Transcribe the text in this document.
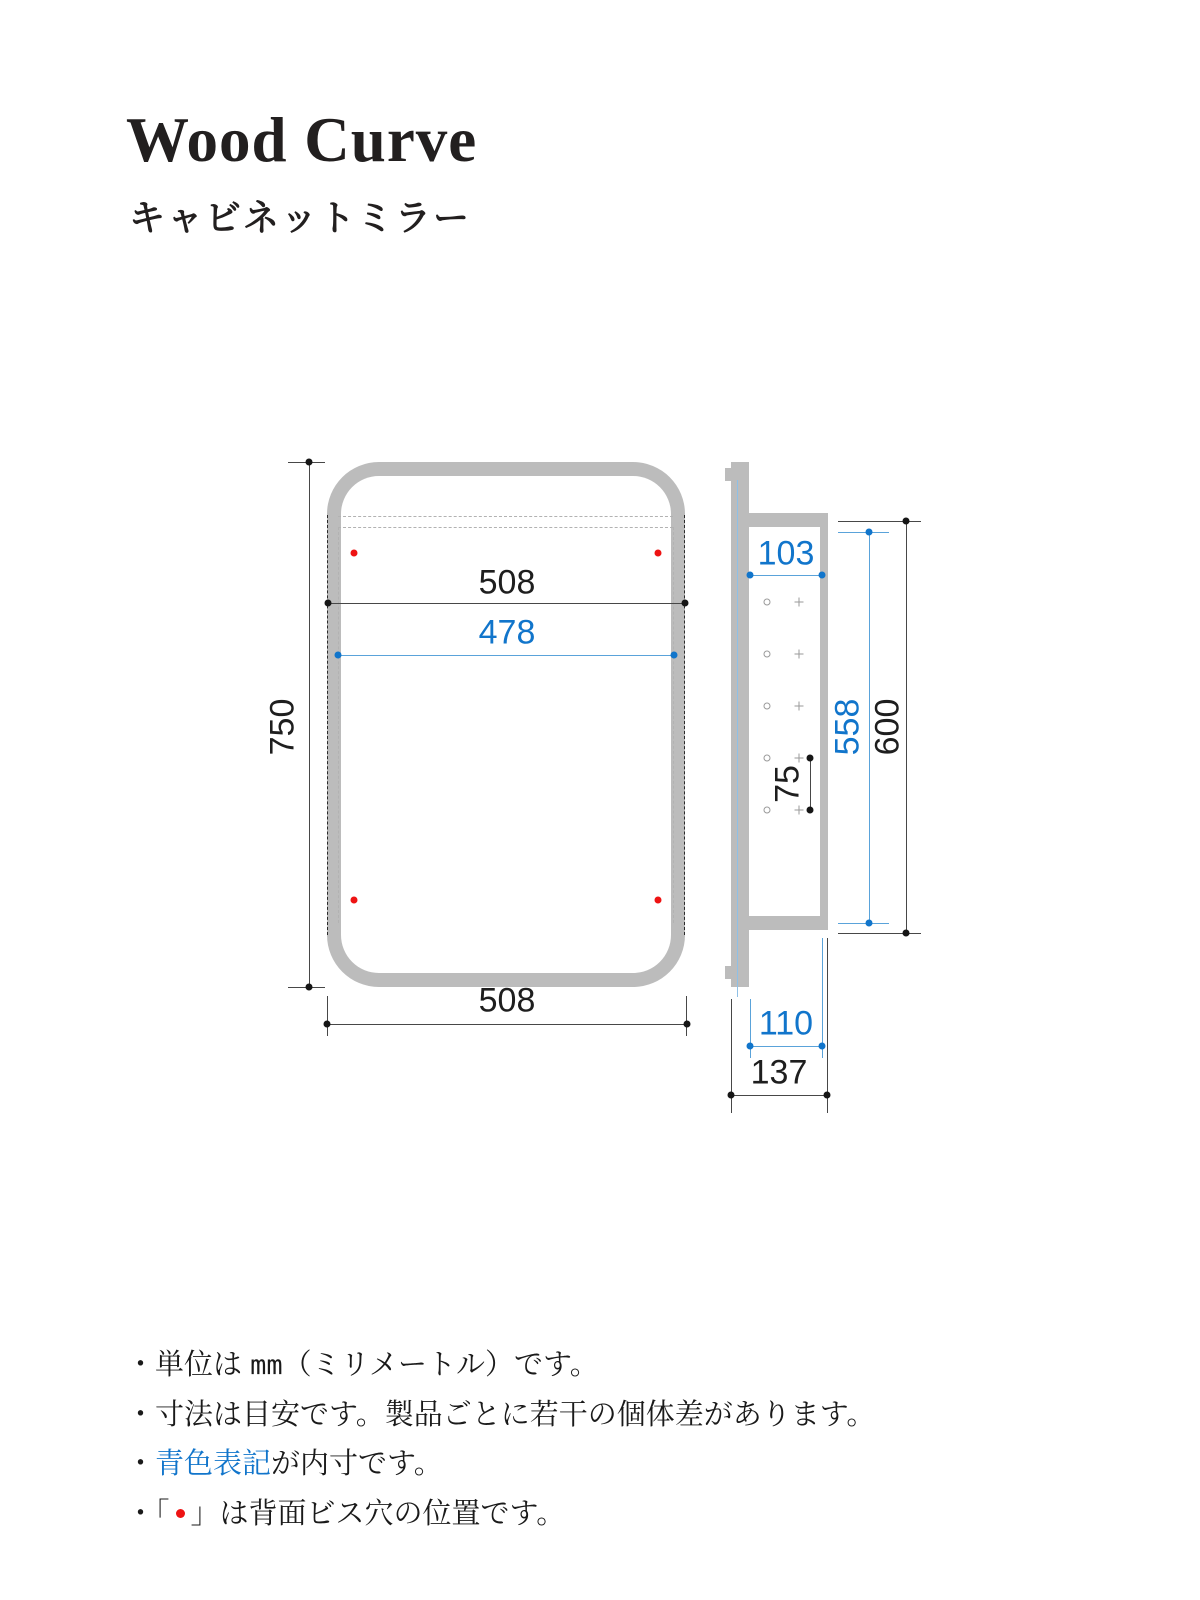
Wood Curve
キャビネットミラー
508
478
750
508
103
75
558 600
110
137
・単位は mm（ミリメートル）です。
・寸法は目安です。製品ごとに若干の個体差があります。
・青色表記が内寸です。
・「 」は背面ビス穴の位置です。
